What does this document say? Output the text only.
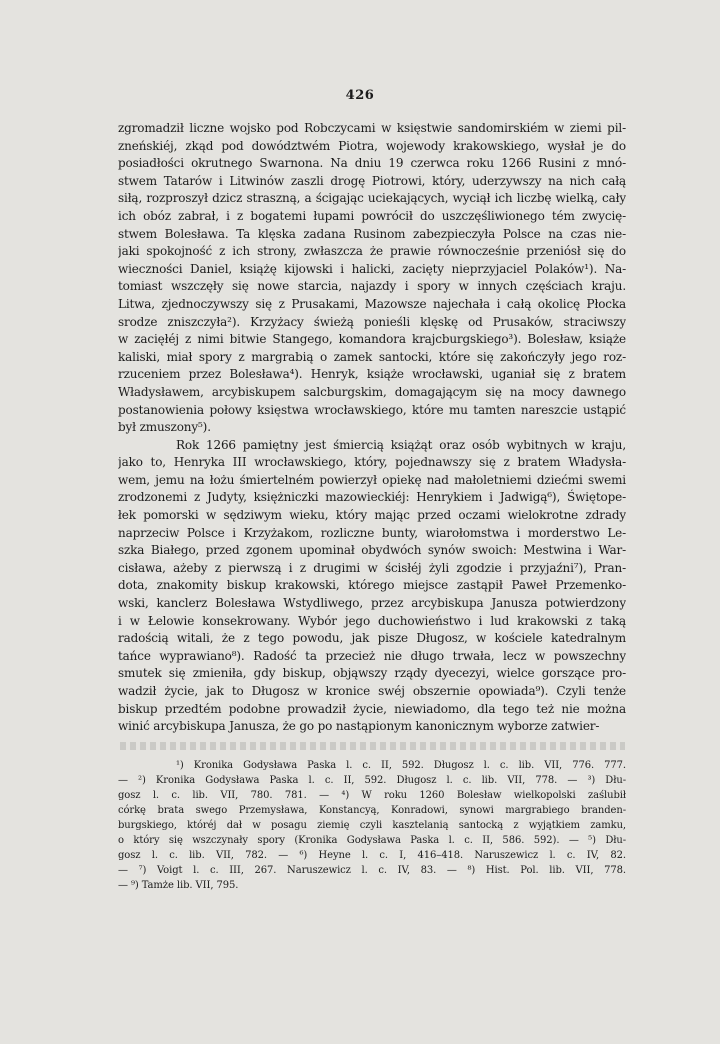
426
zgromadził liczne wojsko pod Robczycami w księstwie sandomirskiém w ziemi pil-
zneńskiéj, zkąd pod dowództwém Piotra, wojewody krakowskiego, wysłał je do
posiadłości okrutnego Swarnona. Na dniu 19 czerwca roku 1266 Rusini z mnó-
stwem Tatarów i Litwinów zaszli drogę Piotrowi, który, uderzywszy na nich całą
siłą, rozproszył dzicz straszną, a ścigając uciekających, wyciął ich liczbę wielką, cały
ich obóz zabrał, i z bogatemi łupami powrócił do uszczęśliwionego tém zwycię-
stwem Bolesława. Ta klęska zadana Rusinom zabezpieczyła Polsce na czas nie-
jaki spokojność z ich strony, zwłaszcza że prawie równocześnie przeniósł się do
wieczności Daniel, książę kijowski i halicki, zacięty nieprzyjaciel Polaków¹). Na-
tomiast wszczęły się nowe starcia, najazdy i spory w innych częściach kraju.
Litwa, zjednoczywszy się z Prusakami, Mazowsze najechała i całą okolicę Płocka
srodze zniszczyła²). Krzyżacy świeżą ponieśli klęskę od Prusaków, straciwszy
w zacięłéj z nimi bitwie Stangego, komandora krajcburgskiego³). Bolesław, książe
kaliski, miał spory z margrabią o zamek santocki, które się zakończyły jego roz-
rzuceniem przez Bolesława⁴). Henryk, książe wrocławski, uganiał się z bratem
Władysławem, arcybiskupem salcburgskim, domagającym się na mocy dawnego
postanowienia połowy księstwa wrocławskiego, które mu tamten nareszcie ustąpić
był zmuszony⁵).
Rok 1266 pamiętny jest śmiercią książąt oraz osób wybitnych w kraju,
jako to, Henryka III wrocławskiego, który, pojednawszy się z bratem Władysła-
wem, jemu na łożu śmiertelném powierzył opiekę nad małoletniemi dziećmi swemi
zrodzonemi z Judyty, księżniczki mazowieckiéj: Henrykiem i Jadwigą⁶), Świętope-
łek pomorski w sędziwym wieku, który mając przed oczami wielokrotne zdrady
naprzeciw Polsce i Krzyżakom, rozliczne bunty, wiarołomstwa i morderstwo Le-
szka Białego, przed zgonem upominał obydwóch synów swoich: Mestwina i War-
cisława, ażeby z pierwszą i z drugimi w ścisłéj żyli zgodzie i przyjaźni⁷), Pran-
dota, znakomity biskup krakowski, którego miejsce zastąpił Paweł Przemenko-
wski, kanclerz Bolesława Wstydliwego, przez arcybiskupa Janusza potwierdzony
i w Łelowie konsekrowany. Wybór jego duchowieństwo i lud krakowski z taką
radością witali, że z tego powodu, jak pisze Długosz, w kościele katedralnym
tańce wyprawiano⁸). Radość ta przecież nie długo trwała, lecz w powszechny
smutek się zmieniła, gdy biskup, objąwszy rządy dyecezyi, wielce gorszące pro-
wadził życie, jak to Długosz w kronice swéj obszernie opowiada⁹). Czyli tenże
biskup przedtém podobne prowadził życie, niewiadomo, dla tego też nie można
winić arcybiskupa Janusza, że go po nastąpionym kanonicznym wyborze zatwier-
¹) Kronika Godysława Paska l. c. II, 592. Długosz l. c. lib. VII, 776. 777.
— ²) Kronika Godysława Paska l. c. II, 592. Długosz l. c. lib. VII, 778. — ³) Dłu-
gosz l. c. lib. VII, 780. 781. — ⁴) W roku 1260 Bolesław wielkopolski zaślubił
córkę brata swego Przemysława, Konstancyą, Konradowi, synowi margrabiego branden-
burgskiego, któréj dał w posagu ziemię czyli kasztelanią santocką z wyjątkiem zamku,
o który się wszczynały spory (Kronika Godysława Paska l. c. II, 586. 592). — ⁵) Dłu-
gosz l. c. lib. VII, 782. — ⁶) Heyne l. c. I, 416–418. Naruszewicz l. c. IV, 82.
— ⁷) Voigt l. c. III, 267. Naruszewicz l. c. IV, 83. — ⁸) Hist. Pol. lib. VII, 778.
— ⁹) Tamże lib. VII, 795.
